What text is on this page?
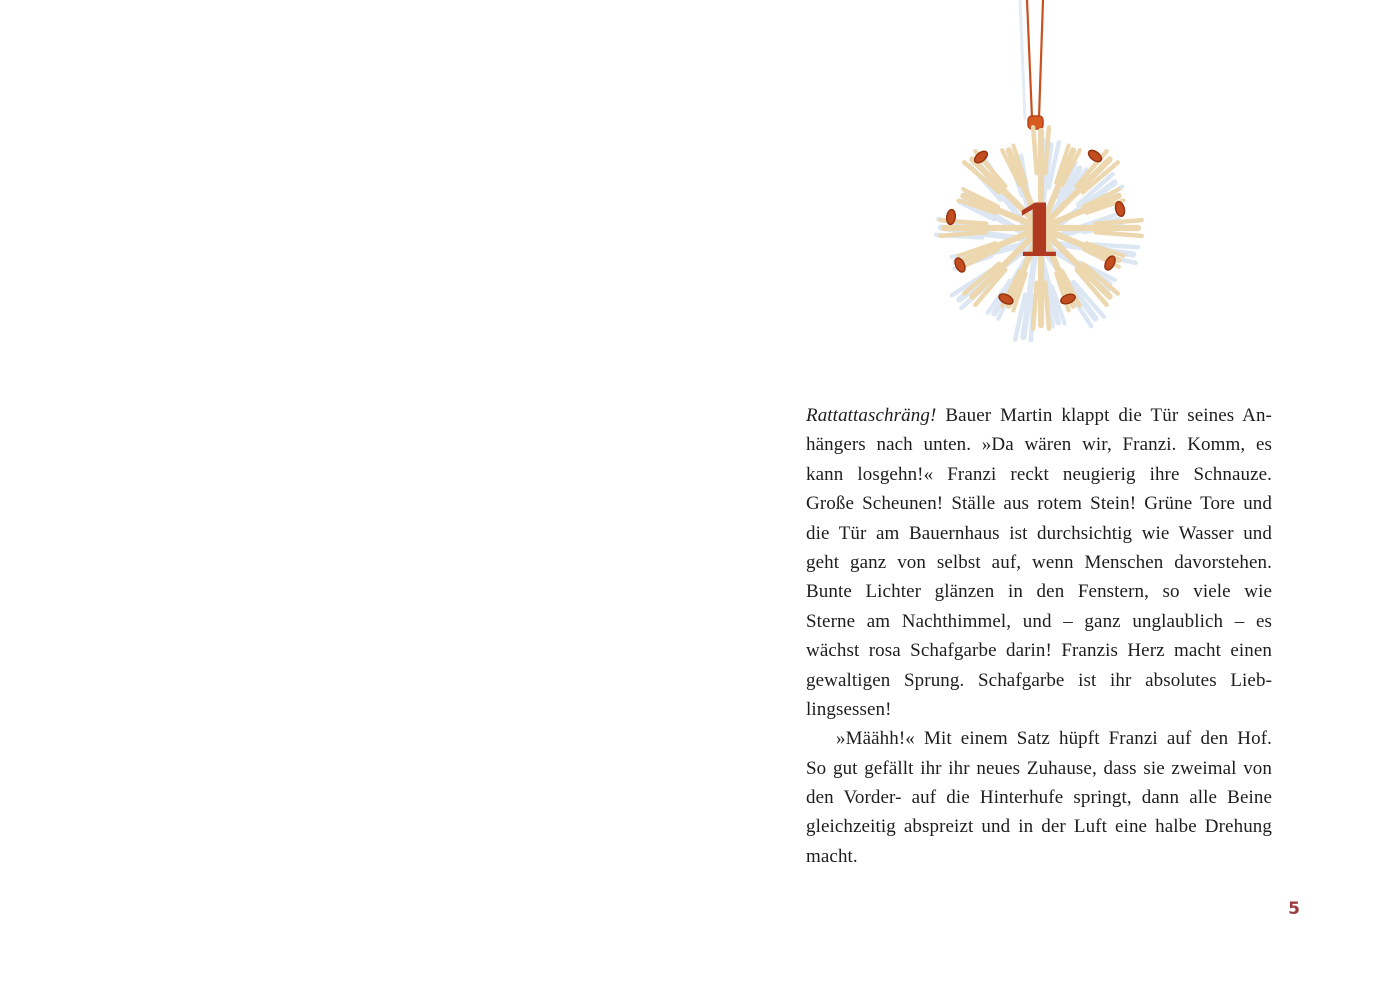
1
Rattattaschräng! Bauer Martin klappt die Tür seines An-
hängers nach unten. »Da wären wir, Franzi. Komm, es
kann losgehn!« Franzi reckt neugierig ihre Schnauze.
Große Scheunen! Ställe aus rotem Stein! Grüne Tore und
die Tür am Bauernhaus ist durchsichtig wie Wasser und
geht ganz von selbst auf, wenn Menschen davorstehen.
Bunte Lichter glänzen in den Fenstern, so viele wie
Sterne am Nachthimmel, und – ganz unglaublich – es
wächst rosa Schafgarbe darin! Franzis Herz macht einen
gewaltigen Sprung. Schafgarbe ist ihr absolutes Lieb-
lingsessen!
»Määhh!« Mit einem Satz hüpft Franzi auf den Hof.
So gut gefällt ihr ihr neues Zuhause, dass sie zweimal von
den Vorder- auf die Hinterhufe springt, dann alle Beine
gleichzeitig abspreizt und in der Luft eine halbe Drehung
macht.
5
